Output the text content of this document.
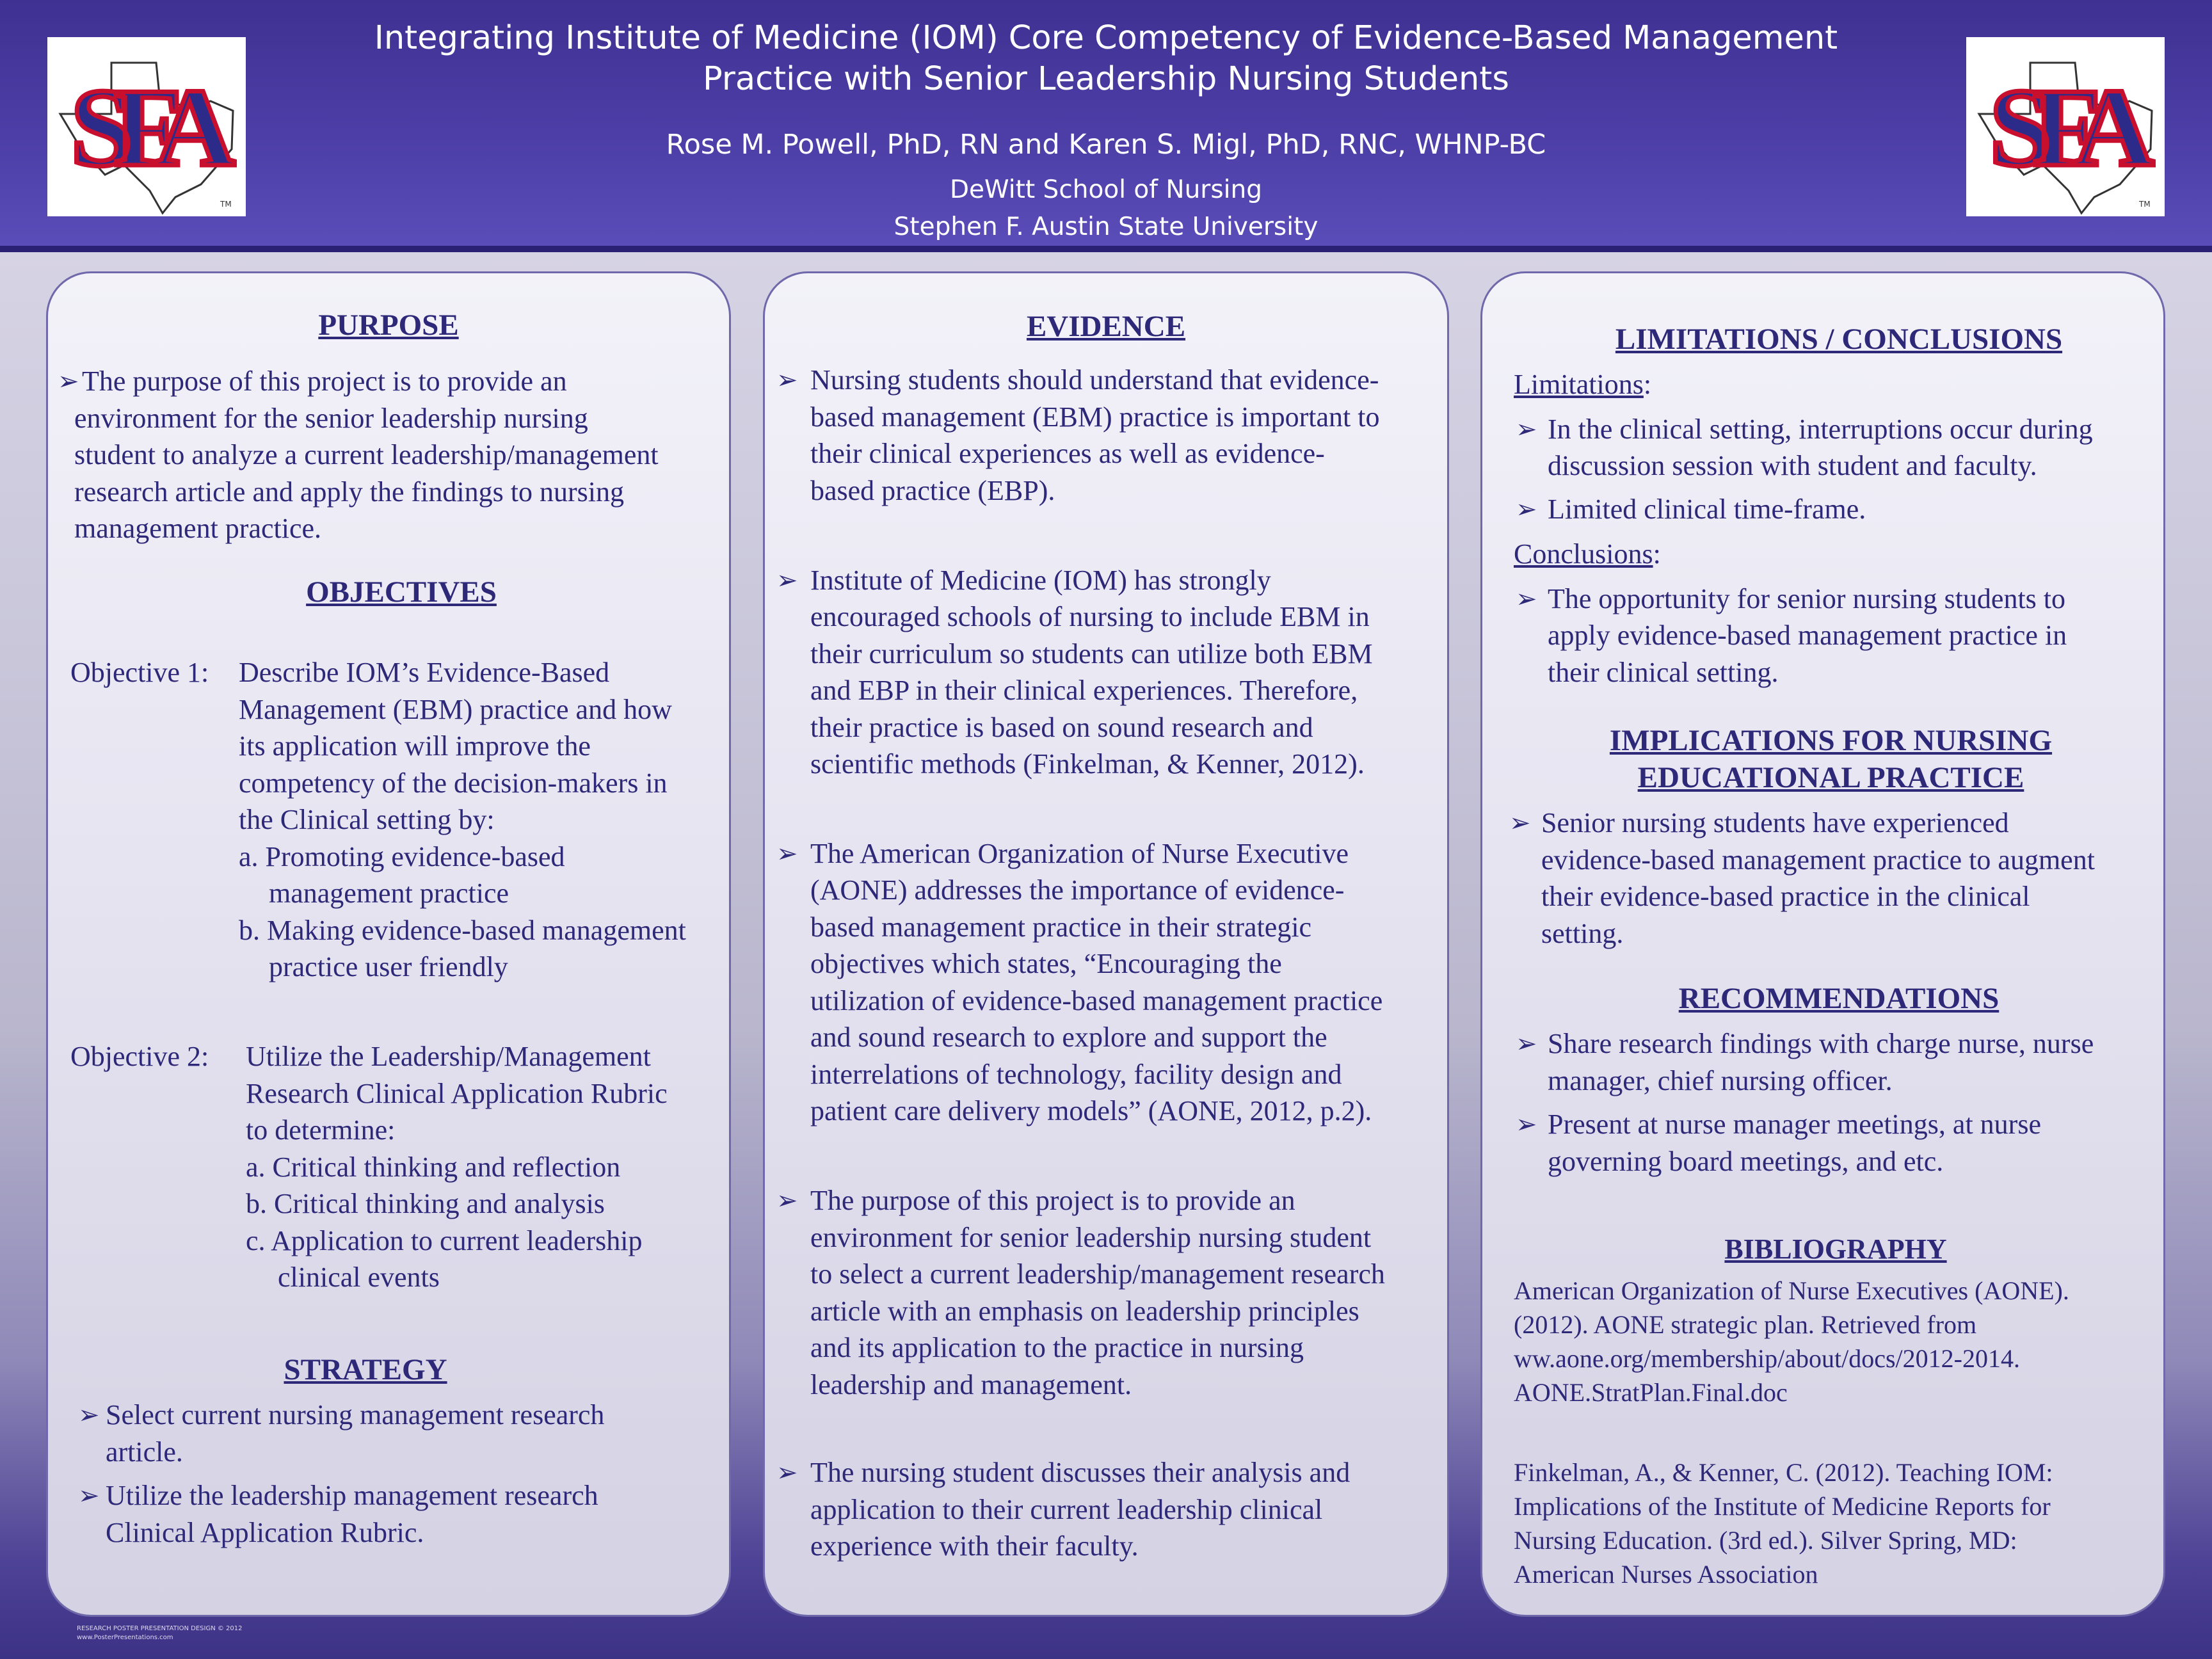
SFA
TM
SFA
TM
Integrating Institute of Medicine (IOM) Core Competency of Evidence-Based Management
Practice with Senior Leadership Nursing Students
Rose M. Powell, PhD, RN and Karen S. Migl, PhD, RNC, WHNP-BC
DeWitt School of Nursing
Stephen F. Austin State University
PURPOSE
➢ The purpose of this project is to provide an
environment for the senior leadership nursing
student to analyze a current leadership/management
research article and apply the findings to nursing
management practice.
OBJECTIVES
Objective 1: Describe IOM’s Evidence-Based
Management (EBM) practice and how
its application will improve the
competency of the decision-makers in
the Clinical setting by:
a. Promoting evidence-based
management practice
b. Making evidence-based management
practice user friendly
Objective 2: Utilize the Leadership/Management
Research Clinical Application Rubric
to determine:
a. Critical thinking and reflection
b. Critical thinking and analysis
c. Application to current leadership
clinical events
STRATEGY
➢ Select current nursing management research
article.
➢ Utilize the leadership management research
Clinical Application Rubric.
EVIDENCE
➢ Nursing students should understand that evidence-
based management (EBM) practice is important to
their clinical experiences as well as evidence-
based practice (EBP).
➢ Institute of Medicine (IOM) has strongly
encouraged schools of nursing to include EBM in
their curriculum so students can utilize both EBM
and EBP in their clinical experiences. Therefore,
their practice is based on sound research and
scientific methods (Finkelman, & Kenner, 2012).
➢ The American Organization of Nurse Executive
(AONE) addresses the importance of evidence-
based management practice in their strategic
objectives which states, “Encouraging the
utilization of evidence-based management practice
and sound research to explore and support the
interrelations of technology, facility design and
patient care delivery models” (AONE, 2012, p.2).
➢ The purpose of this project is to provide an
environment for senior leadership nursing student
to select a current leadership/management research
article with an emphasis on leadership principles
and its application to the practice in nursing
leadership and management.
➢ The nursing student discusses their analysis and
application to their current leadership clinical
experience with their faculty.
LIMITATIONS / CONCLUSIONS
Limitations:
➢ In the clinical setting, interruptions occur during
discussion session with student and faculty.
➢ Limited clinical time-frame.
Conclusions:
➢ The opportunity for senior nursing students to
apply evidence-based management practice in
their clinical setting.
IMPLICATIONS FOR NURSING
EDUCATIONAL PRACTICE
➢ Senior nursing students have experienced
evidence-based management practice to augment
their evidence-based practice in the clinical
setting.
RECOMMENDATIONS
➢ Share research findings with charge nurse, nurse
manager, chief nursing officer.
➢ Present at nurse manager meetings, at nurse
governing board meetings, and etc.
BIBLIOGRAPHY
American Organization of Nurse Executives (AONE).
(2012). AONE strategic plan. Retrieved from
ww.aone.org/membership/about/docs/2012-2014.
AONE.StratPlan.Final.doc
Finkelman, A., & Kenner, C. (2012). Teaching IOM:
Implications of the Institute of Medicine Reports for
Nursing Education. (3rd ed.). Silver Spring, MD:
American Nurses Association
RESEARCH POSTER PRESENTATION DESIGN © 2012
www.PosterPresentations.com
